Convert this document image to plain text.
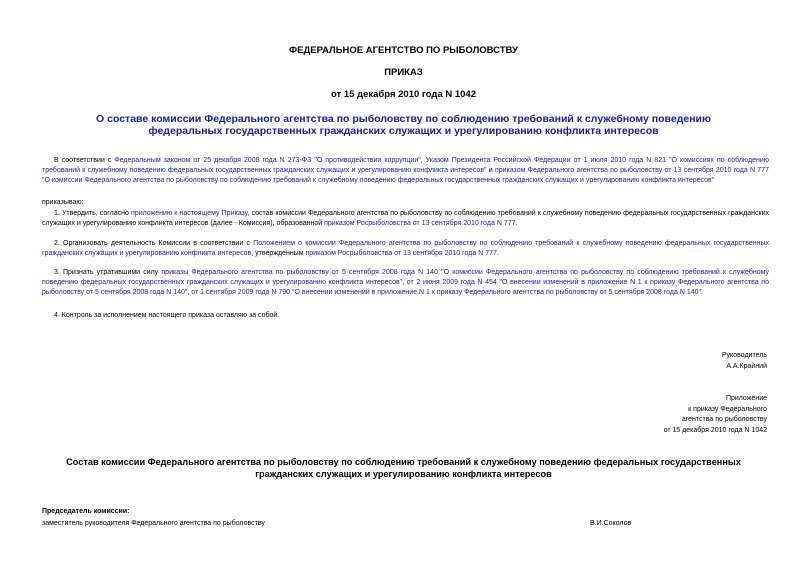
ФЕДЕРАЛЬНОЕ АГЕНТСТВО ПО РЫБОЛОВСТВУ
ПРИКАЗ
от 15 декабря 2010 года N 1042
О составе комиссии Федерального агентства по рыболовству по соблюдению требований к служебному поведению федеральных государственных гражданских служащих и урегулированию конфликта интересов
В соответствии с Федеральным законом от 25 декабря 2008 года N 273-ФЗ "О противодействии коррупции", Указом Президента Российской Федерации от 1 июля 2010 года N 821 "О комиссиях по соблюдению требований к служебному поведению федеральных государственных гражданских служащих и урегулированию конфликта интересов" и приказом Федерального агентства по рыболовству от 13 сентября 2010 года N 777 "О комиссии Федерального агентства по рыболовству по соблюдению требований к служебному поведению федеральных государственных гражданских служащих и урегулированию конфликта интересов"
приказываю:
1. Утвердить, согласно приложению к настоящему Приказу, состав комиссии Федерального агентства по рыболовству по соблюдению требований к служебному поведению федеральных государственных гражданских служащих и урегулированию конфликта интересов (далее - Комиссия), образованной приказом Росрыболовства от 13 сентября 2010 года N 777.
2. Организовать деятельность Комиссии в соответствии с Положением о комиссии Федерального агентства по рыболовству по соблюдению требований к служебному поведению федеральных государственных гражданских служащих и урегулированию конфликта интересов, утвержденным приказом Росрыболовства от 13 сентября 2010 года N 777.
3. Признать утратившими силу приказы Федерального агентства по рыболовству от 5 сентября 2008 года N 140 "О комиссии Федерального агентства по рыболовству по соблюдению требований к служебному поведению федеральных государственных гражданских служащих и урегулированию конфликта интересов", от 2 июня 2009 года N 454 "О внесении изменений в приложение N 1 к приказу Федерального агентства по рыболовству от 5 сентября 2008 года N 140", от 1 сентября 2009 года N 790 "О внесении изменений в приложение N 1 к приказу Федерального агентства по рыболовству от 5 сентября 2008 года N 140".
4. Контроль за исполнением настоящего приказа оставляю за собой.
Руководитель
А.А.Крайний
Приложение
к приказу Федерального
агентства по рыболовству
от 15 декабря 2010 года N 1042
Состав комиссии Федерального агентства по рыболовству по соблюдению требований к служебному поведению федеральных государственных гражданских служащих и урегулированию конфликта интересов
Председатель комиссии:
заместитель руководителя Федерального агентства по рыболовству	В.И.Соколов
